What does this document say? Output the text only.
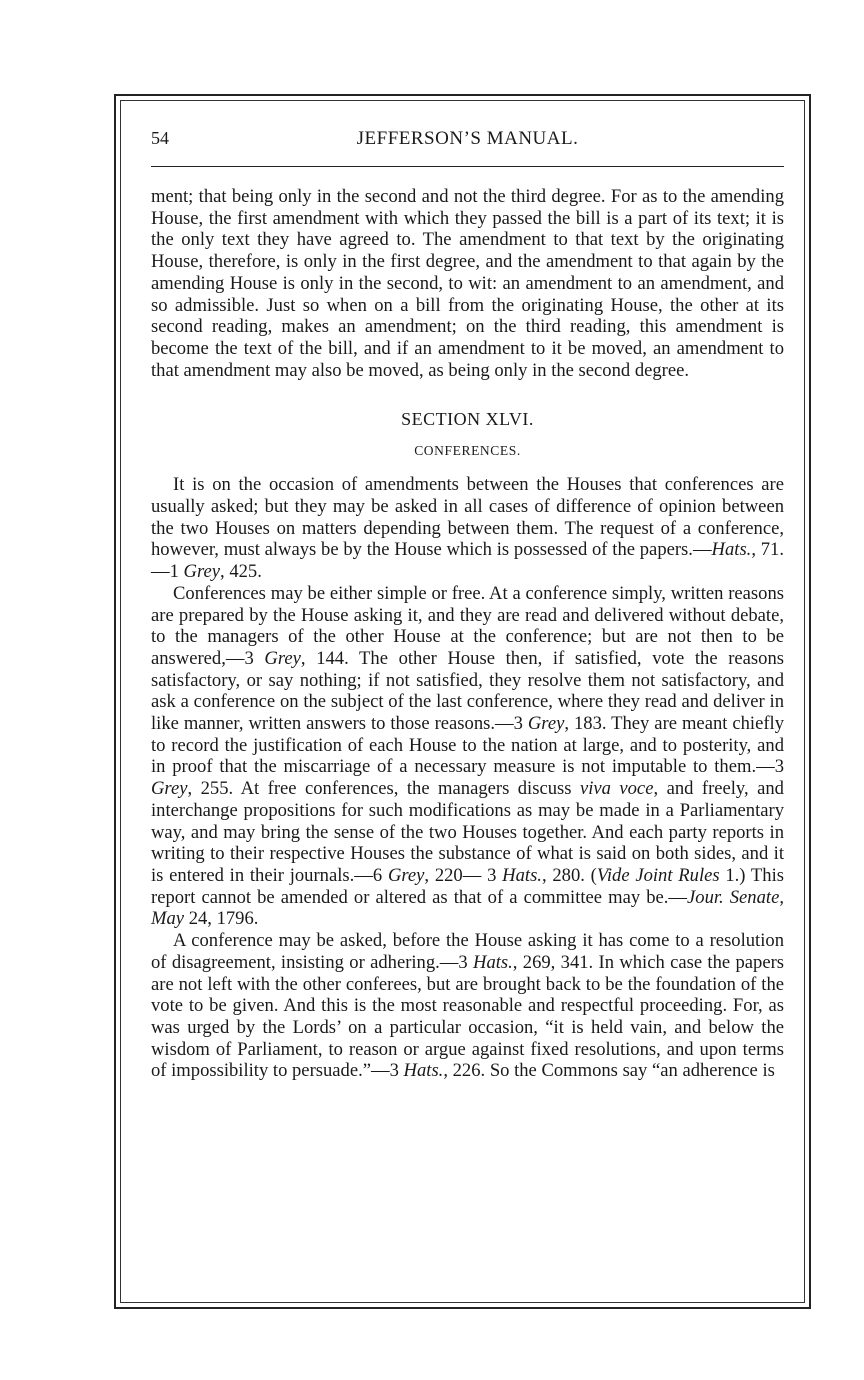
54	JEFFERSON’S MANUAL.

ment; that being only in the second and not the third degree. For as to the amending House, the first amendment with which they passed the bill is a part of its text; it is the only text they have agreed to. The amendment to that text by the originating House, therefore, is only in the first degree, and the amendment to that again by the amending House is only in the second, to wit: an amendment to an amendment, and so admissible. Just so when on a bill from the originating House, the other at its second reading, makes an amendment; on the third reading, this amendment is become the text of the bill, and if an amendment to it be moved, an amendment to that amendment may also be moved, as being only in the second degree.

SECTION XLVI.

CONFERENCES.

It is on the occasion of amendments between the Houses that conferences are usually asked; but they may be asked in all cases of difference of opinion between the two Houses on matters depending between them. The request of a conference, however, must always be by the House which is possessed of the papers.—Hats., 71.—1 Grey, 425.

Conferences may be either simple or free. At a conference simply, written reasons are prepared by the House asking it, and they are read and delivered without debate, to the managers of the other House at the conference; but are not then to be answered,—3 Grey, 144. The other House then, if satisfied, vote the reasons satisfactory, or say nothing; if not satisfied, they resolve them not satisfactory, and ask a conference on the subject of the last conference, where they read and deliver in like manner, written answers to those reasons.—3 Grey, 183. They are meant chiefly to record the justification of each House to the nation at large, and to posterity, and in proof that the miscarriage of a necessary measure is not imputable to them.—3 Grey, 255. At free conferences, the managers discuss viva voce, and freely, and interchange propositions for such modifications as may be made in a Parliamentary way, and may bring the sense of the two Houses together. And each party reports in writing to their respective Houses the substance of what is said on both sides, and it is entered in their journals.—6 Grey, 220— 3 Hats., 280. (Vide Joint Rules 1.) This report cannot be amended or altered as that of a committee may be.—Jour. Senate, May 24, 1796.

A conference may be asked, before the House asking it has come to a resolution of disagreement, insisting or adhering.—3 Hats., 269, 341. In which case the papers are not left with the other conferees, but are brought back to be the foundation of the vote to be given. And this is the most reasonable and respectful proceeding. For, as was urged by the Lords’ on a particular occasion, “it is held vain, and below the wisdom of Parliament, to reason or argue against fixed resolutions, and upon terms of impossibility to persuade.”—3 Hats., 226. So the Commons say “an adherence is
